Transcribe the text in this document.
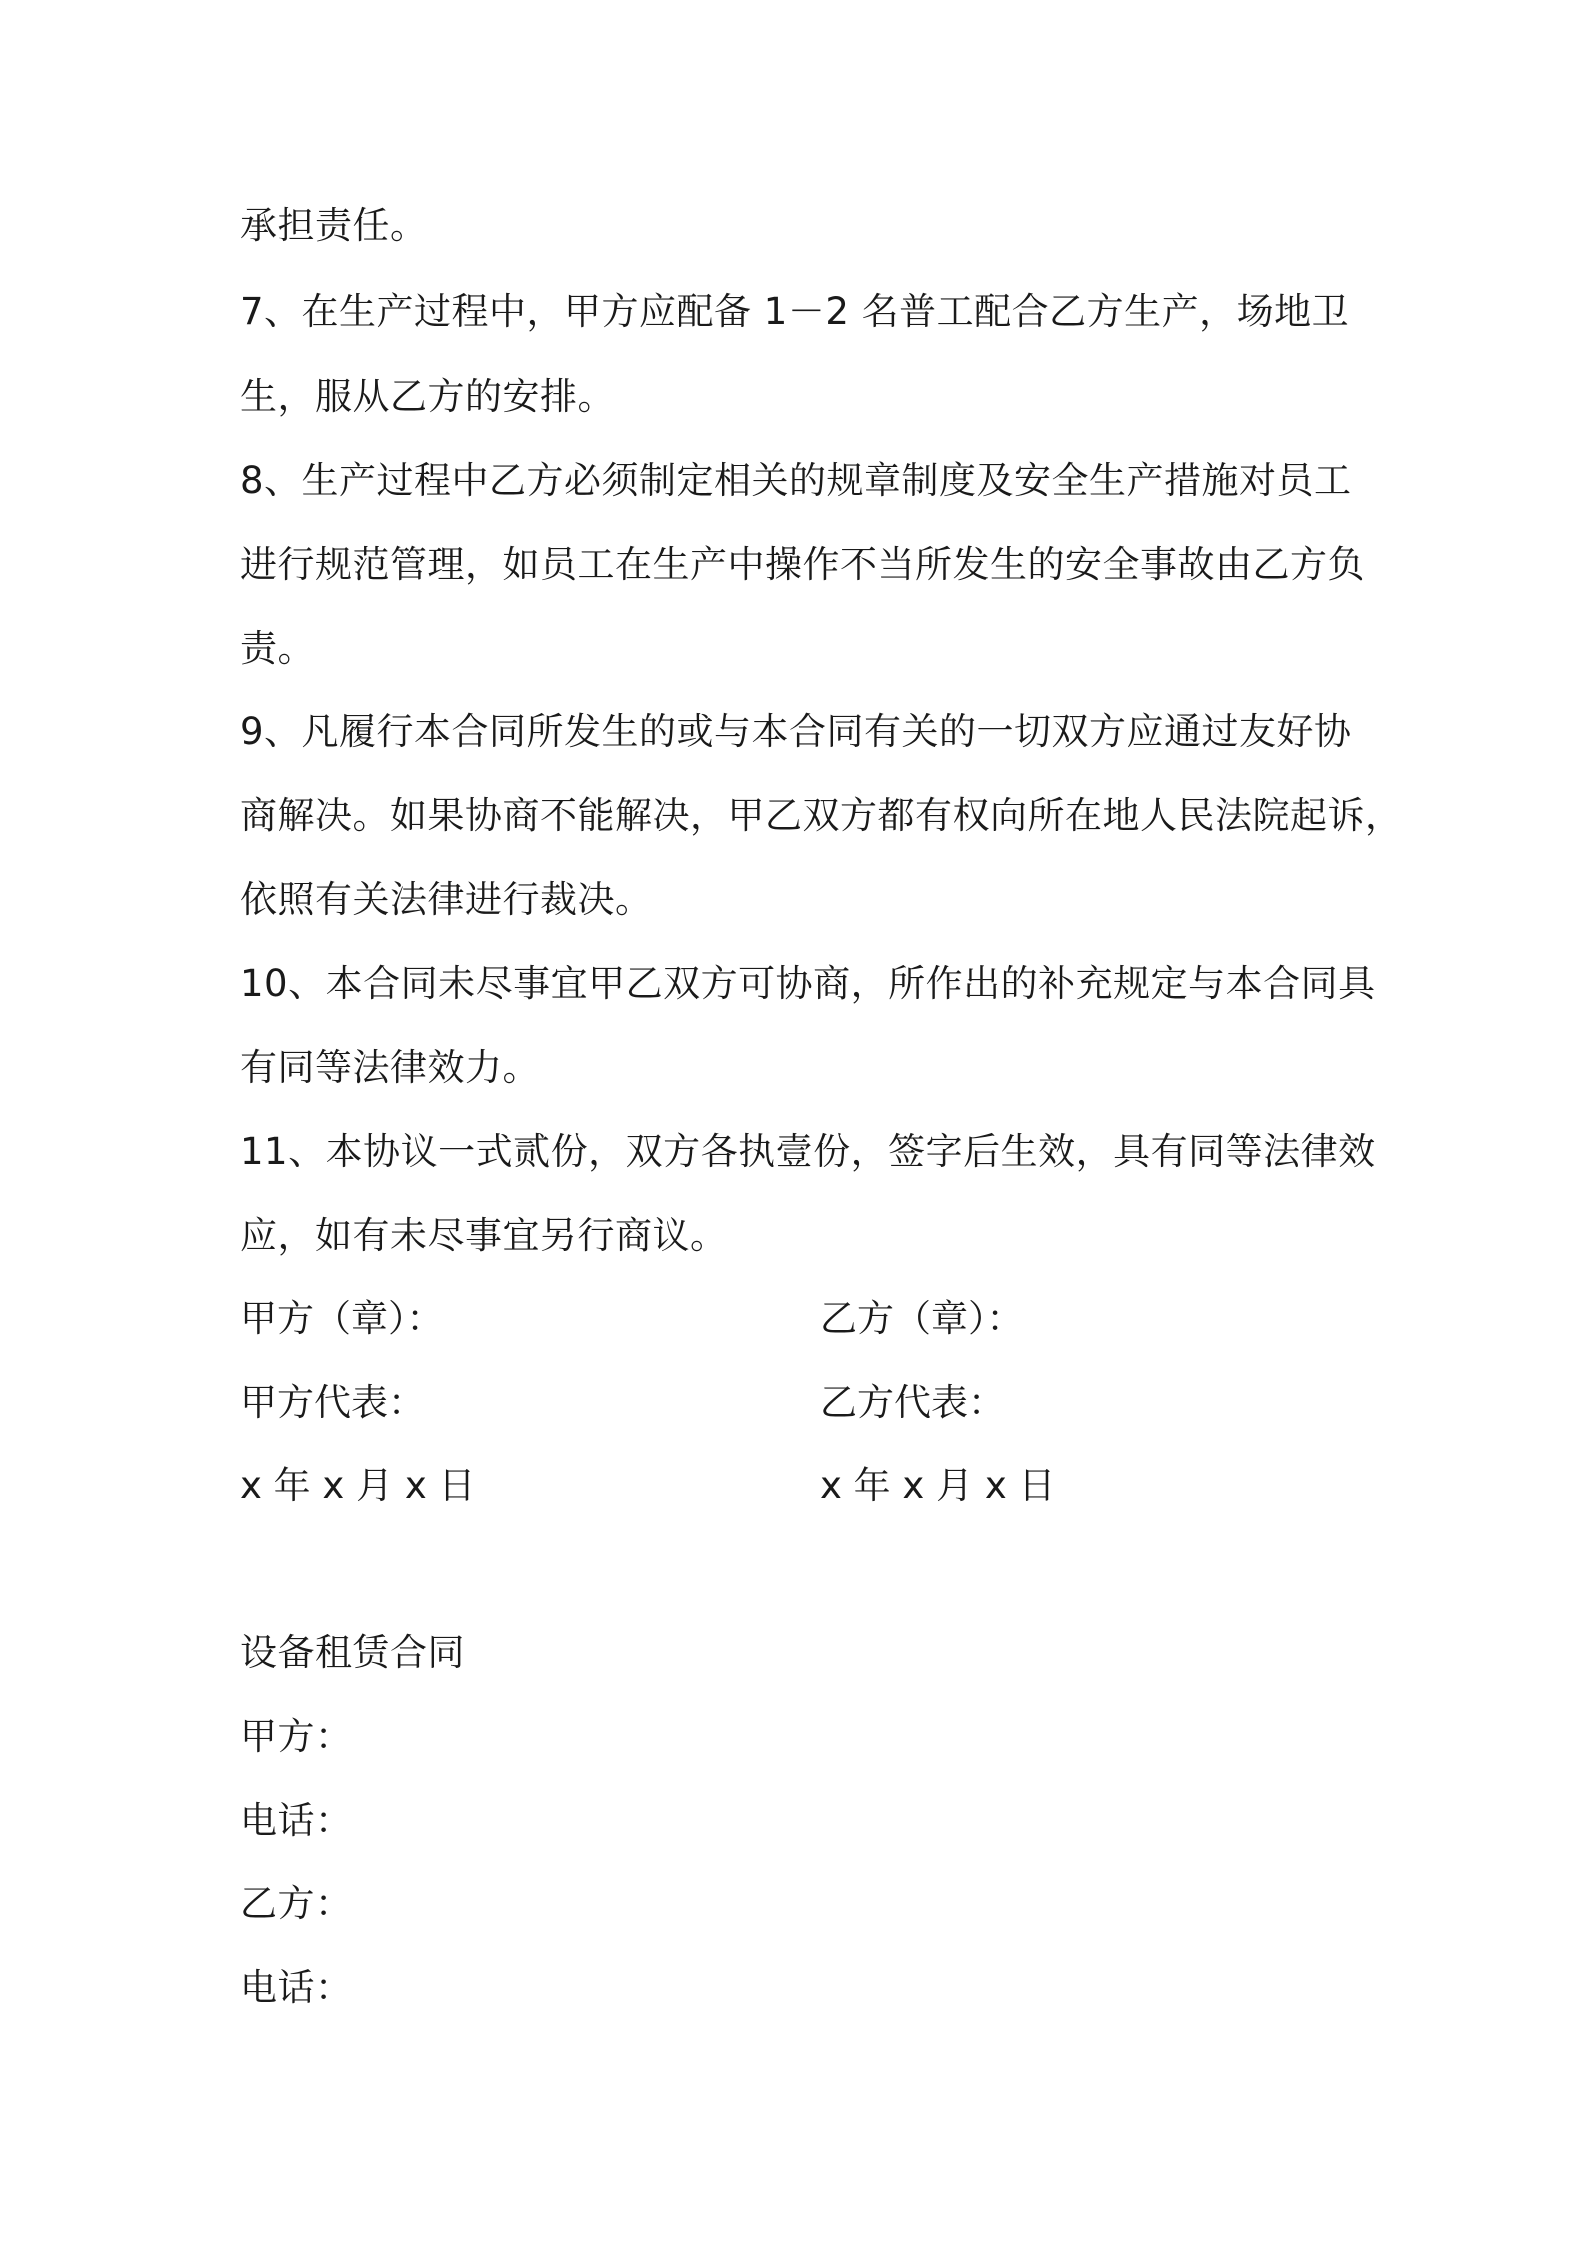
承担责任。
7、在生产过程中，甲方应配备 1－2 名普工配合乙方生产，场地卫
生，服从乙方的安排。
8、生产过程中乙方必须制定相关的规章制度及安全生产措施对员工
进行规范管理，如员工在生产中操作不当所发生的安全事故由乙方负
责。
9、凡履行本合同所发生的或与本合同有关的一切双方应通过友好协
商解决。如果协商不能解决，甲乙双方都有权向所在地人民法院起诉，
依照有关法律进行裁决。
10、本合同未尽事宜甲乙双方可协商，所作出的补充规定与本合同具
有同等法律效力。
11、本协议一式贰份，双方各执壹份，签字后生效，具有同等法律效
应，如有未尽事宜另行商议。
甲方（章）：	乙方（章）：
甲方代表：	乙方代表：
x 年 x 月 x 日	x 年 x 月 x 日
设备租赁合同
甲方：
电话：
乙方：
电话：
